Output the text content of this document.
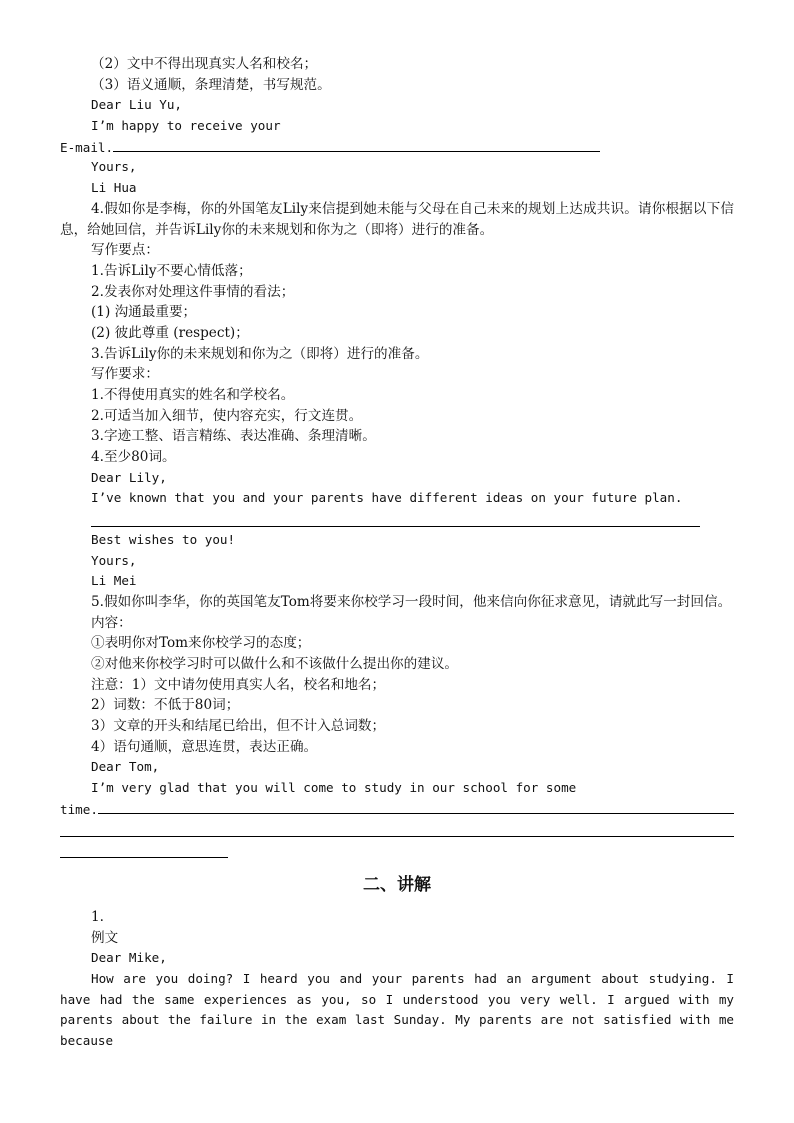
（2）文中不得出现真实人名和校名；
（3）语义通顺，条理清楚，书写规范。
Dear Liu Yu,
I’m happy to receive your
E-mail.
Yours,
Li Hua
4.假如你是李梅，你的外国笔友Lily来信提到她未能与父母在自己未来的规划上达成共识。请你根据以下信息，给她回信，并告诉Lily你的未来规划和你为之（即将）进行的准备。
写作要点：
1.告诉Lily不要心情低落；
2.发表你对处理这件事情的看法；
(1) 沟通最重要；
(2) 彼此尊重 (respect)；
3.告诉Lily你的未来规划和你为之（即将）进行的准备。
写作要求：
1.不得使用真实的姓名和学校名。
2.可适当加入细节，使内容充实，行文连贯。
3.字迹工整、语言精练、表达准确、条理清晰。
4.至少80词。
Dear Lily,
I’ve known that you and your parents have different ideas on your future plan.
Best wishes to you!
Yours,
Li Mei
5.假如你叫李华，你的英国笔友Tom将要来你校学习一段时间，他来信向你征求意见，请就此写一封回信。
内容：
①表明你对Tom来你校学习的态度；
②对他来你校学习时可以做什么和不该做什么提出你的建议。
注意：1）文中请勿使用真实人名，校名和地名；
2）词数：不低于80词；
3）文章的开头和结尾已给出，但不计入总词数；
4）语句通顺，意思连贯，表达正确。
Dear Tom,
I’m very glad that you will come to study in our school for some
time.
二、讲解
1.
例文
Dear Mike,
How are you doing? I heard you and your parents had an argument about studying. I have had the same experiences as you, so I understood you very well. I argued with my parents about the failure in the exam last Sunday. My parents are not satisfied with me because
